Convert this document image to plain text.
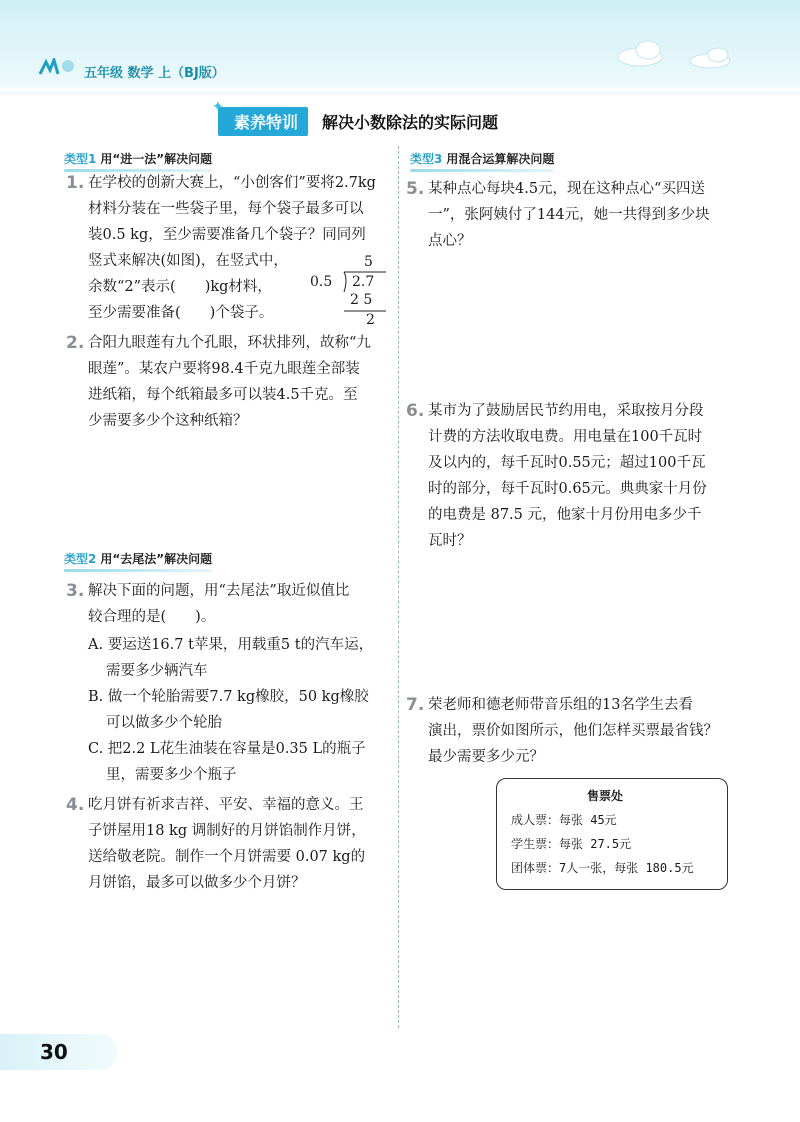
五年级 数学 上（BJ版）
✦ 素养特训	解决小数除法的实际问题
类型1 用“进一法”解决问题
1. 在学校的创新大赛上，“小创客们”要将2.7kg
材料分装在一些袋子里，每个袋子最多可以
装0.5 kg，至少需要准备几个袋子？同同列
竖式来解决(如图)，在竖式中，
余数“2”表示(　　)kg材料，
至少需要准备(　　)个袋子。
5
0.5 2.7
2 5
2
2. 合阳九眼莲有九个孔眼，环状排列，故称“九
眼莲”。某农户要将98.4千克九眼莲全部装
进纸箱，每个纸箱最多可以装4.5千克。至
少需要多少个这种纸箱？
类型2 用“去尾法”解决问题
3. 解决下面的问题，用“去尾法”取近似值比
较合理的是(　　)。
A. 要运送16.7 t苹果，用载重5 t的汽车运，
需要多少辆汽车
B. 做一个轮胎需要7.7 kg橡胶，50 kg橡胶
可以做多少个轮胎
C. 把2.2 L花生油装在容量是0.35 L的瓶子
里，需要多少个瓶子
4. 吃月饼有祈求吉祥、平安、幸福的意义。王
子饼屋用18 kg 调制好的月饼馅制作月饼，
送给敬老院。制作一个月饼需要 0.07 kg的
月饼馅，最多可以做多少个月饼？
类型3 用混合运算解决问题
5. 某种点心每块4.5元，现在这种点心“买四送
一”，张阿姨付了144元，她一共得到多少块
点心？
6. 某市为了鼓励居民节约用电，采取按月分段
计费的方法收取电费。用电量在100千瓦时
及以内的，每千瓦时0.55元；超过100千瓦
时的部分，每千瓦时0.65元。典典家十月份
的电费是 87.5 元，他家十月份用电多少千
瓦时？
7. 荣老师和德老师带音乐组的13名学生去看
演出，票价如图所示，他们怎样买票最省钱？
最少需要多少元？
售票处
成人票：每张 45元
学生票：每张 27.5元
团体票：7人一张，每张 180.5元
30
